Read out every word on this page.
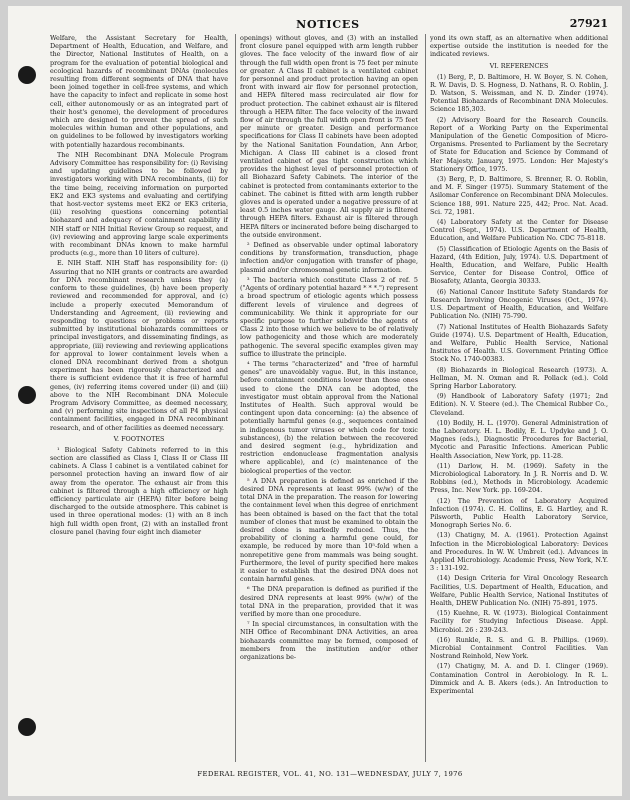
NOTICES	27921

Welfare, the Assistant Secretary for Health, Department of Health, Education, and Welfare, and the Director, National Institutes of Health, on a program for the evaluation of potential biological and ecological hazards of recombinant DNAs (molecules resulting from different segments of DNA that have been joined together in cell-free systems, and which have the capacity to infect and replicate in some host cell, either autonomously or as an integrated part of their host's genome), the development of procedures which are designed to prevent the spread of such molecules within human and other populations, and on guidelines to be followed by investigators working with potentially hazardous recombinants.

The NIH Recombinant DNA Molecule Program Advisory Committee has responsibility for: (i) Revising and updating guidelines to be followed by investigators working with DNA recombinants, (ii) for the time being, receiving information on purported EK2 and EK3 systems and evaluating and certifying that host-vector systems meet EK2 or EK3 criteria, (iii) resolving questions concerning potential biohazard and adequacy of containment capability if NIH staff or NIH Initial Review Group so request, and (iv) reviewing and approving large scale experiments with recombinant DNAs known to make harmful products (e.g., more than 10 liters of culture).

E. NIH Staff. NIH Staff has responsibility for: (i) Assuring that no NIH grants or contracts are awarded for DNA recombinant research unless they (a) conform to these guidelines, (b) have been properly reviewed and recommended for approval, and (c) include a properly executed Memorandum of Understanding and Agreement, (ii) reviewing and responding to questions or problems or reports submitted by institutional biohazards committees or principal investigators, and disseminating findings, as appropriate, (iii) reviewing and reviewing applications for approval to lower containment levels when a cloned DNA recombinant derived from a shotgun experiment has been rigorously characterized and there is sufficient evidence that it is free of harmful genes, (iv) referring items covered under (ii) and (iii) above to the NIH Recombinant DNA Molecule Program Advisory Committee, as deemed necessary, and (v) performing site inspections of all P4 physical containment facilities, engaged in DNA recombinant research, and of other facilities as deemed necessary.

V. FOOTNOTES

¹ Biological Safety Cabinets referred to in this section are classified as Class I, Class II or Class III cabinets. A Class I cabinet is a ventilated cabinet for personnel protection having an inward flow of air away from the operator. The exhaust air from this cabinet is filtered through a high efficiency or high efficiency particulate air (HEPA) filter before being discharged to the outside atmosphere. This cabinet is used in three operational modes: (1) with an 8 inch high full width open front, (2) with an installed front closure panel (having four eight inch diameter

openings) without gloves, and (3) with an installed front closure panel equipped with arm length rubber gloves. The face velocity of the inward flow of air through the full width open front is 75 feet per minute or greater. A Class II cabinet is a ventilated cabinet for personnel and product protection having an open front with inward air flow for personnel protection, and HEPA filtered mass recirculated air flow for product protection. The cabinet exhaust air is filtered through a HEPA filter. The face velocity of the inward flow of air through the full width open front is 75 feet per minute or greater. Design and performance specifications for Class II cabinets have been adopted by the National Sanitation Foundation, Ann Arbor, Michigan. A Class III cabinet is a closed front ventilated cabinet of gas tight construction which provides the highest level of personnel protection of all Biohazard Safety Cabinets. The interior of the cabinet is protected from contaminants exterior to the cabinet. The cabinet is fitted with arm length rubber gloves and is operated under a negative pressure of at least 0.5 inches water gauge. All supply air is filtered through HEPA filters. Exhaust air is filtered through HEPA filters or incinerated before being discharged to the outside environment.

² Defined as observable under optimal laboratory conditions by transformation, transduction, phage infection and/or conjugation with transfer of phage, plasmid and/or chromosomal genetic information.

³ The bacteria which constitute Class 2 of ref. 5 ("Agents of ordinary potential hazard * * *.") represent a broad spectrum of etiologic agents which possess different levels of virulence and degrees of communicability. We think it appropriate for our specific purpose to further subdivide the agents of Class 2 into those which we believe to be of relatively low pathogenicity and those which are moderately pathogenic. The several specific examples given may suffice to illustrate the principle.

⁴ The terms "characterized" and "free of harmful genes" are unavoidably vague. But, in this instance, before containment conditions lower than those ones used to clone the DNA can be adopted, the investigator must obtain approval from the National Institutes of Health. Such approval would be contingent upon data concerning: (a) the absence of potentially harmful genes (e.g., sequences contained in indigenous tumor viruses or which code for toxic substances), (b) the relation between the recovered and desired segment (e.g., hybridization and restriction endonuclease fragmentation analysis where applicable), and (c) maintenance of the biological properties of the vector.

⁵ A DNA preparation is defined as enriched if the desired DNA represents at least 99% (w/w) of the total DNA in the preparation. The reason for lowering the containment level when this degree of enrichment has been obtained is based on the fact that the total number of clones that must be examined to obtain the desired clone is markedly reduced. Thus, the probability of cloning a harmful gene could, for example, be reduced by more than 10⁵-fold when a nonrepetitive gene from mammals was being sought. Furthermore, the level of purity specified here makes it easier to establish that the desired DNA does not contain harmful genes.

⁶ The DNA preparation is defined as purified if the desired DNA represents at least 99% (w/w) of the total DNA in the preparation, provided that it was verified by more than one procedure.

⁷ In special circumstances, in consultation with the NIH Office of Recombinant DNA Activities, an area biohazards committee may be formed, composed of members from the institution and/or other organizations be-

yond its own staff, as an alternative when additional expertise outside the institution is needed for the indicated reviews.

VI. REFERENCES

(1) Berg, P., D. Baltimore, H. W. Boyer, S. N. Cohen, R. W. Davis, D. S. Hogness, D. Nathans, R. O. Roblin, J. D. Watson, S. Weissman, and N. D. Zinder (1974). Potential Biohazards of Recombinant DNA Molecules. Science 185,303.

(2) Advisory Board for the Research Councils. Report of a Working Party on the Experimental Manipulation of the Genetic Composition of Micro-Organisms. Presented to Parliament by the Secretary of State for Education and Science by Command of Her Majesty. January, 1975. London: Her Majesty's Stationery Office, 1975.

(3) Berg, P., D. Baltimore, S. Brenner, R. O. Roblin, and M. F. Singer (1975). Summary Statement of the Asilomar Conference on Recombinant DNA Molecules. Science 188, 991. Nature 225, 442; Proc. Nat. Acad. Sci. 72, 1981.

(4) Laboratory Safety at the Center for Disease Control (Sept., 1974). U.S. Department of Health, Education, and Welfare Publication No. CDC 75-8118.

(5) Classification of Etiologic Agents on the Basis of Hazard, (4th Edition, July, 1974). U.S. Department of Health, Education, and Welfare, Public Health Service, Center for Disease Control, Office of Biosafety, Atlanta, Georgia 30333.

(6) National Cancer Institute Safety Standards for Research Involving Oncogenic Viruses (Oct., 1974). U.S. Department of Health, Education, and Welfare Publication No. (NIH) 75-790.

(7) National Institutes of Health Biohazards Safety Guide (1974). U.S. Department of Health, Education, and Welfare, Public Health Service, National Institutes of Health. U.S. Government Printing Office Stock No. 1740-00383.

(8) Biohazards in Biological Research (1973). A. Hellman, M. N. Oxman and R. Pollack (ed.). Cold Spring Harbor Laboratory.

(9) Handbook of Laboratory Safety (1971; 2nd Edition). N. V. Steere (ed.). The Chemical Rubber Co., Cleveland.

(10) Bodily, H. L. (1970). General Administration of the Laboratory. H. L. Bodily, E. L. Updyke and J. O. Magnes (eds.), Diagnostic Procedures for Bacterial, Mycotic and Parasitic Infections. American Public Health Association, New York, pp. 11-28.

(11) Darlow, H. M. (1969). Safety in the Microbiological Laboratory. In J. R. Norris and D. W. Robbins (ed.), Methods in Microbiology. Academic Press, Inc. New York. pp. 169-204.

(12) The Prevention of Laboratory Acquired Infection (1974). C. H. Collins, E. G. Hartley, and R. Pilsworth, Public Health Laboratory Service, Monograph Series No. 6.

(13) Chatigny, M. A. (1961). Protection Against Infection in the Microbiological Laboratory: Devices and Procedures. In W. W. Umbreit (ed.). Advances in Applied Microbiology. Academic Press, New York, N.Y. 3 : 131-192.

(14) Design Criteria for Viral Oncology Research Facilities, U.S. Department of Health, Education, and Welfare, Public Health Service, National Institutes of Health, DHEW Publication No. (NIH) 75-891, 1975.

(15) Kuehne, R. W. (1973). Biological Containment Facility for Studying Infectious Disease. Appl. Microbiol. 26 : 239-243.

(16) Runkle, R. S. and G. B. Phillips. (1969). Microbial Containment Control Facilities. Van Nostrand Reinhold, New York.

(17) Chatigny, M. A. and D. I. Clinger (1969). Contamination Control in Aerobiology. In R. L. Dimmick and A. B. Akers (eds.). An Introduction to Experimental

FEDERAL REGISTER, VOL. 41, NO. 131—WEDNESDAY, JULY 7, 1976
